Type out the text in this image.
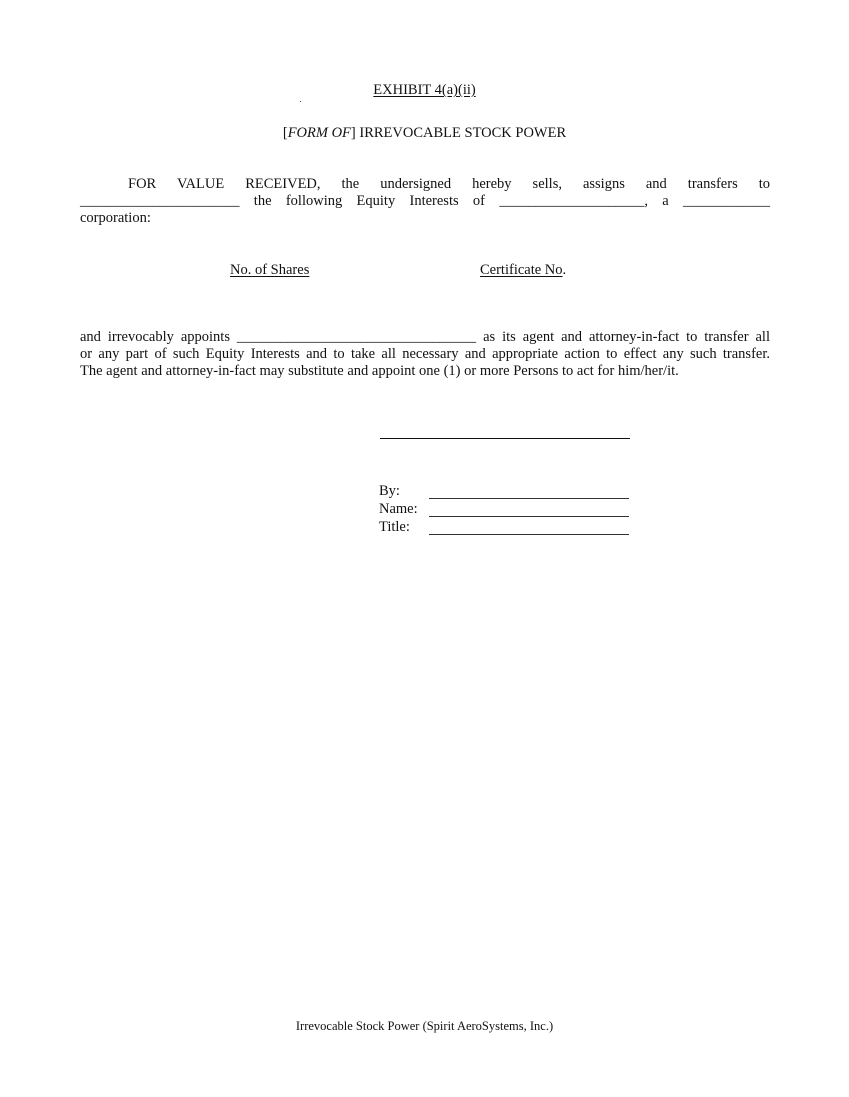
EXHIBIT 4(a)(ii)
[FORM OF] IRREVOCABLE STOCK POWER
FOR VALUE RECEIVED, the undersigned hereby sells, assigns and transfers to
______________________ the following Equity Interests of ____________________, a ____________
corporation:
No. of Shares	Certificate No.
and irrevocably appoints _________________________________ as its agent and attorney-in-fact to transfer all
or any part of such Equity Interests and to take all necessary and appropriate action to effect any such transfer.
The agent and attorney-in-fact may substitute and appoint one (1) or more Persons to act for him/her/it.
By:
Name:
Title:
Irrevocable Stock Power (Spirit AeroSystems, Inc.)
